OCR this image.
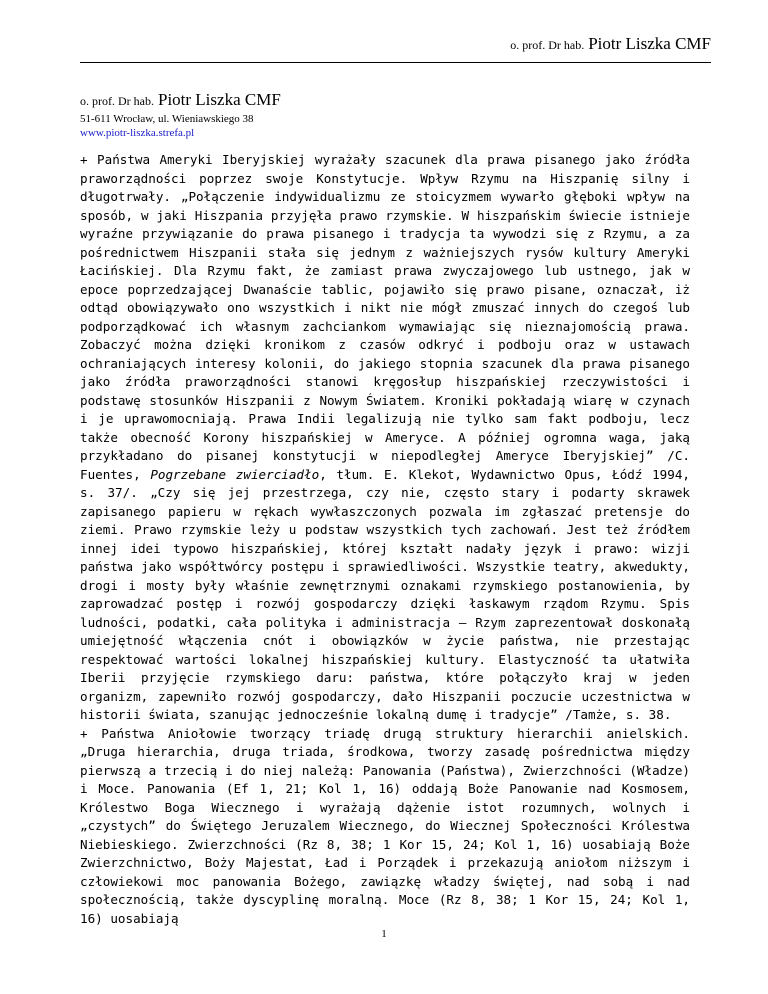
o. prof. Dr hab. Piotr Liszka CMF
o. prof. Dr hab. Piotr Liszka CMF
51-611 Wrocław, ul. Wieniawskiego 38
www.piotr-liszka.strefa.pl

+ Państwa Ameryki Iberyjskiej wyrażały szacunek dla prawa pisanego jako źródła praworządności poprzez swoje Konstytucje. Wpływ Rzymu na Hiszpanię silny i długotrwały. „Połączenie indywidualizmu ze stoicyzmem wywarło głęboki wpływ na sposób, w jaki Hiszpania przyjęła prawo rzymskie. W hiszpańskim świecie istnieje wyraźne przywiązanie do prawa pisanego i tradycja ta wywodzi się z Rzymu, a za pośrednictwem Hiszpanii stała się jednym z ważniejszych rysów kultury Ameryki Łacińskiej. Dla Rzymu fakt, że zamiast prawa zwyczajowego lub ustnego, jak w epoce poprzedzającej Dwanaście tablic, pojawiło się prawo pisane, oznaczał, iż odtąd obowiązywało ono wszystkich i nikt nie mógł zmuszać innych do czegoś lub podporządkować ich własnym zachciankom wymawiając się nieznajomością prawa. Zobaczyć można dzięki kronikom z czasów odkryć i podboju oraz w ustawach ochraniających interesy kolonii, do jakiego stopnia szacunek dla prawa pisanego jako źródła praworządności stanowi kręgosłup hiszpańskiej rzeczywistości i podstawę stosunków Hiszpanii z Nowym Światem. Kroniki pokładają wiarę w czynach i je uprawomocniają. Prawa Indii legalizują nie tylko sam fakt podboju, lecz także obecność Korony hiszpańskiej w Ameryce. A później ogromna waga, jaką przykładano do pisanej konstytucji w niepodległej Ameryce Iberyjskiej” /C. Fuentes, Pogrzebane zwierciadło, tłum. E. Klekot, Wydawnictwo Opus, Łódź 1994, s. 37/. „Czy się jej przestrzega, czy nie, często stary i podarty skrawek zapisanego papieru w rękach wywłaszczonych pozwala im zgłaszać pretensje do ziemi. Prawo rzymskie leży u podstaw wszystkich tych zachowań. Jest też źródłem innej idei typowo hiszpańskiej, której kształt nadały język i prawo: wizji państwa jako współtwórcy postępu i sprawiedliwości. Wszystkie teatry, akwedukty, drogi i mosty były właśnie zewnętrznymi oznakami rzymskiego postanowienia, by zaprowadzać postęp i rozwój gospodarczy dzięki łaskawym rządom Rzymu. Spis ludności, podatki, cała polityka i administracja – Rzym zaprezentował doskonałą umiejętność włączenia cnót i obowiązków w życie państwa, nie przestając respektować wartości lokalnej hiszpańskiej kultury. Elastyczność ta ułatwiła Iberii przyjęcie rzymskiego daru: państwa, które połączyło kraj w jeden organizm, zapewniło rozwój gospodarczy, dało Hiszpanii poczucie uczestnictwa w historii świata, szanując jednocześnie lokalną dumę i tradycje” /Tamże, s. 38.

+ Państwa Aniołowie tworzący triadę drugą struktury hierarchii anielskich. „Druga hierarchia, druga triada, środkowa, tworzy zasadę pośrednictwa między pierwszą a trzecią i do niej należą: Panowania (Państwa), Zwierzchności (Władze) i Moce. Panowania (Ef 1, 21; Kol 1, 16) oddają Boże Panowanie nad Kosmosem, Królestwo Boga Wiecznego i wyrażają dążenie istot rozumnych, wolnych i „czystych” do Świętego Jeruzalem Wiecznego, do Wiecznej Społeczności Królestwa Niebieskiego. Zwierzchności (Rz 8, 38; 1 Kor 15, 24; Kol 1, 16) uosabiają Boże Zwierzchnictwo, Boży Majestat, Ład i Porządek i przekazują aniołom niższym i człowiekowi moc panowania Bożego, zawiązkę władzy świętej, nad sobą i nad społecznością, także dyscyplinę moralną. Moce (Rz 8, 38; 1 Kor 15, 24; Kol 1, 16) uosabiają

1
